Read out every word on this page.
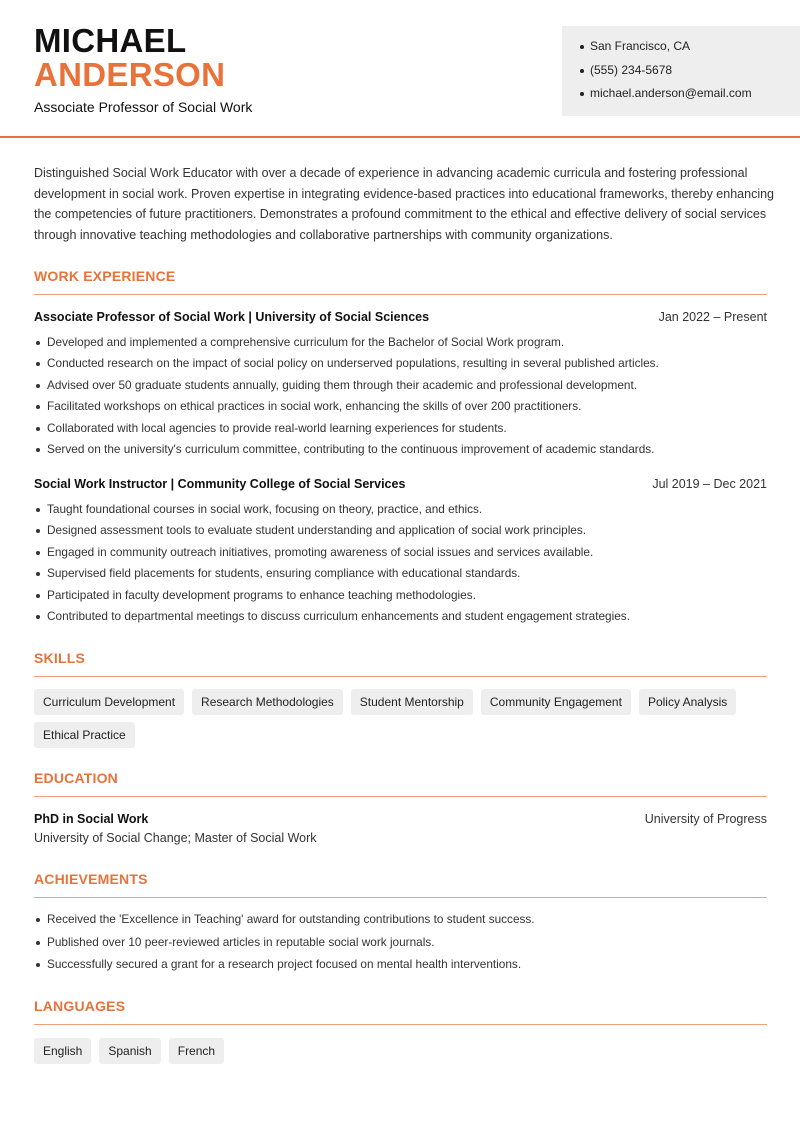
MICHAEL
ANDERSON
Associate Professor of Social Work
San Francisco, CA
(555) 234-5678
michael.anderson@email.com

Distinguished Social Work Educator with over a decade of experience in advancing academic curricula and fostering professional development in social work. Proven expertise in integrating evidence-based practices into educational frameworks, thereby enhancing the competencies of future practitioners. Demonstrates a profound commitment to the ethical and effective delivery of social services through innovative teaching methodologies and collaborative partnerships with community organizations.

WORK EXPERIENCE
Associate Professor of Social Work | University of Social Sciences	Jan 2022 – Present
Developed and implemented a comprehensive curriculum for the Bachelor of Social Work program.
Conducted research on the impact of social policy on underserved populations, resulting in several published articles.
Advised over 50 graduate students annually, guiding them through their academic and professional development.
Facilitated workshops on ethical practices in social work, enhancing the skills of over 200 practitioners.
Collaborated with local agencies to provide real-world learning experiences for students.
Served on the university's curriculum committee, contributing to the continuous improvement of academic standards.
Social Work Instructor | Community College of Social Services	Jul 2019 – Dec 2021
Taught foundational courses in social work, focusing on theory, practice, and ethics.
Designed assessment tools to evaluate student understanding and application of social work principles.
Engaged in community outreach initiatives, promoting awareness of social issues and services available.
Supervised field placements for students, ensuring compliance with educational standards.
Participated in faculty development programs to enhance teaching methodologies.
Contributed to departmental meetings to discuss curriculum enhancements and student engagement strategies.
SKILLS
Curriculum Development	Research Methodologies	Student Mentorship	Community Engagement	Policy Analysis
Ethical Practice
EDUCATION
PhD in Social Work	University of Progress
University of Social Change; Master of Social Work
ACHIEVEMENTS
Received the 'Excellence in Teaching' award for outstanding contributions to student success.
Published over 10 peer-reviewed articles in reputable social work journals.
Successfully secured a grant for a research project focused on mental health interventions.
LANGUAGES
English	Spanish	French
